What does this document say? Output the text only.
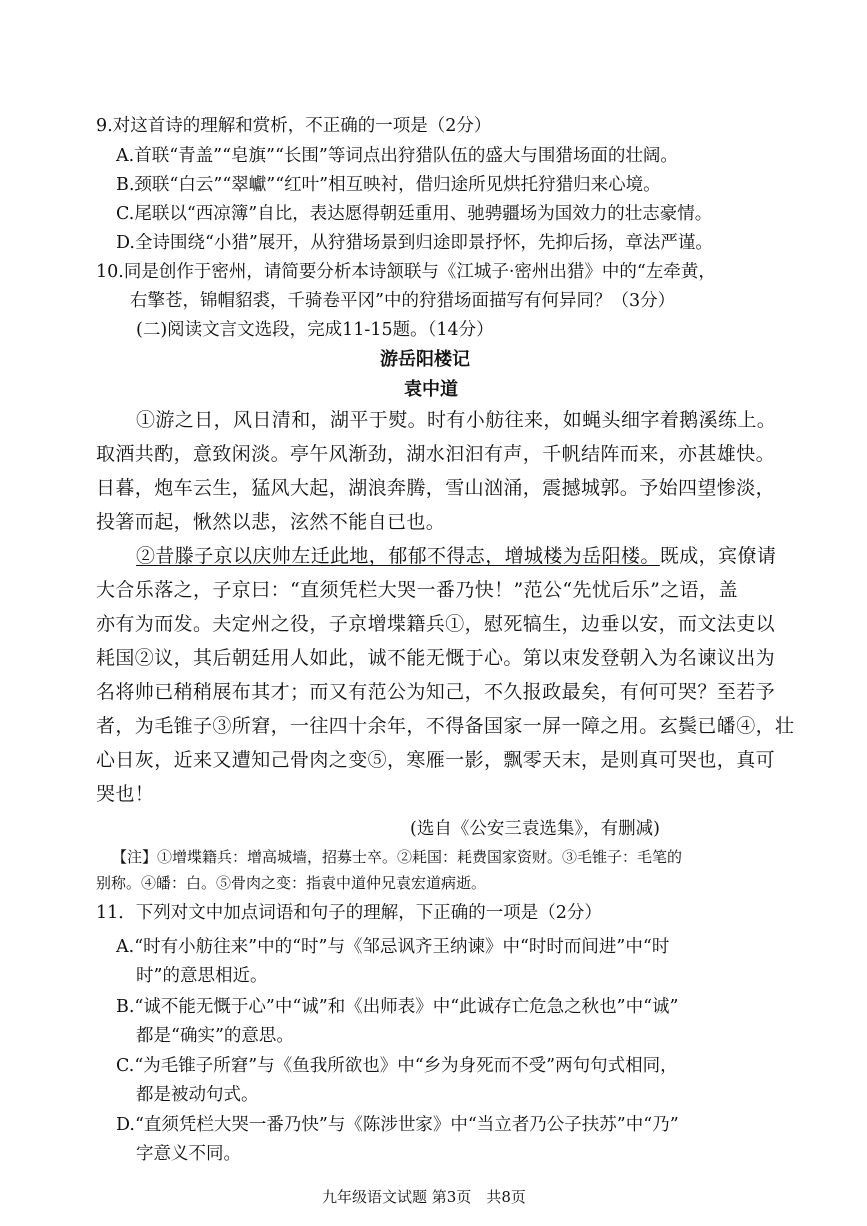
9.对这首诗的理解和赏析，不正确的一项是（2分）
A.首联“青盖”“皂旗”“长围”等词点出狩猎队伍的盛大与围猎场面的壮阔。
B.颈联“白云”“翠巘”“红叶”相互映衬，借归途所见烘托狩猎归来心境。
C.尾联以“西凉簿”自比，表达愿得朝廷重用、驰骋疆场为国效力的壮志豪情。
D.全诗围绕“小猎”展开，从狩猎场景到归途即景抒怀，先抑后扬，章法严谨。
10.同是创作于密州，请简要分析本诗颔联与《江城子·密州出猎》中的“左牵黄，
右擎苍，锦帽貂裘，千骑卷平冈”中的狩猎场面描写有何异同？（3分）
(二)阅读文言文选段，完成11-15题。（14分）
游岳阳楼记
袁中道
①游之日，风日清和，湖平于熨。时有小舫往来，如蝇头细字着鹅溪练上。
取酒共酌，意致闲淡。亭午风渐劲，湖水汩汩有声，千帆结阵而来，亦甚雄快。
日暮，炮车云生，猛风大起，湖浪奔腾，雪山汹涌，震撼城郭。予始四望惨淡，
投箸而起，愀然以悲，泫然不能自已也。
②昔滕子京以庆帅左迁此地，郁郁不得志，增城楼为岳阳楼。既成，宾僚请
大合乐落之，子京曰：“直须凭栏大哭一番乃快！”范公“先忧后乐”之语，盖
亦有为而发。夫定州之役，子京增堞籍兵①，慰死犒生，边垂以安，而文法吏以
耗国②议，其后朝廷用人如此，诚不能无慨于心。第以朿发登朝入为名谏议出为
名将帅已稍稍展布其才；而又有范公为知己，不久报政最矣，有何可哭？至若予
者，为毛锥子③所窘，一往四十余年，不得备国家一屏一障之用。玄鬓已皤④，壮
心日灰，近来又遭知己骨肉之变⑤，寒雁一影，飘零天末，是则真可哭也，真可
哭也！
(选自《公安三袁选集》，有删减)
【注】①增堞籍兵：增高城墙，招募士卒。②耗国：耗费国家资财。③毛锥子：毛笔的
别称。④皤：白。⑤骨肉之变：指袁中道仲兄袁宏道病逝。
11．下列对文中加点词语和句子的理解，下正确的一项是（2分）
A.“时有小舫往来”中的“时”与《邹忌讽齐王纳谏》中“时时而间进”中“时
时”的意思相近。
B.“诚不能无慨于心”中“诚”和《出师表》中“此诚存亡危急之秋也”中“诚”
都是“确实”的意思。
C.“为毛锥子所窘”与《鱼我所欲也》中“乡为身死而不受”两句句式相同，
都是被动句式。
D.“直须凭栏大哭一番乃快”与《陈涉世家》中“当立者乃公子扶苏”中“乃”
字意义不同。
九年级语文试题 第3页　共8页
